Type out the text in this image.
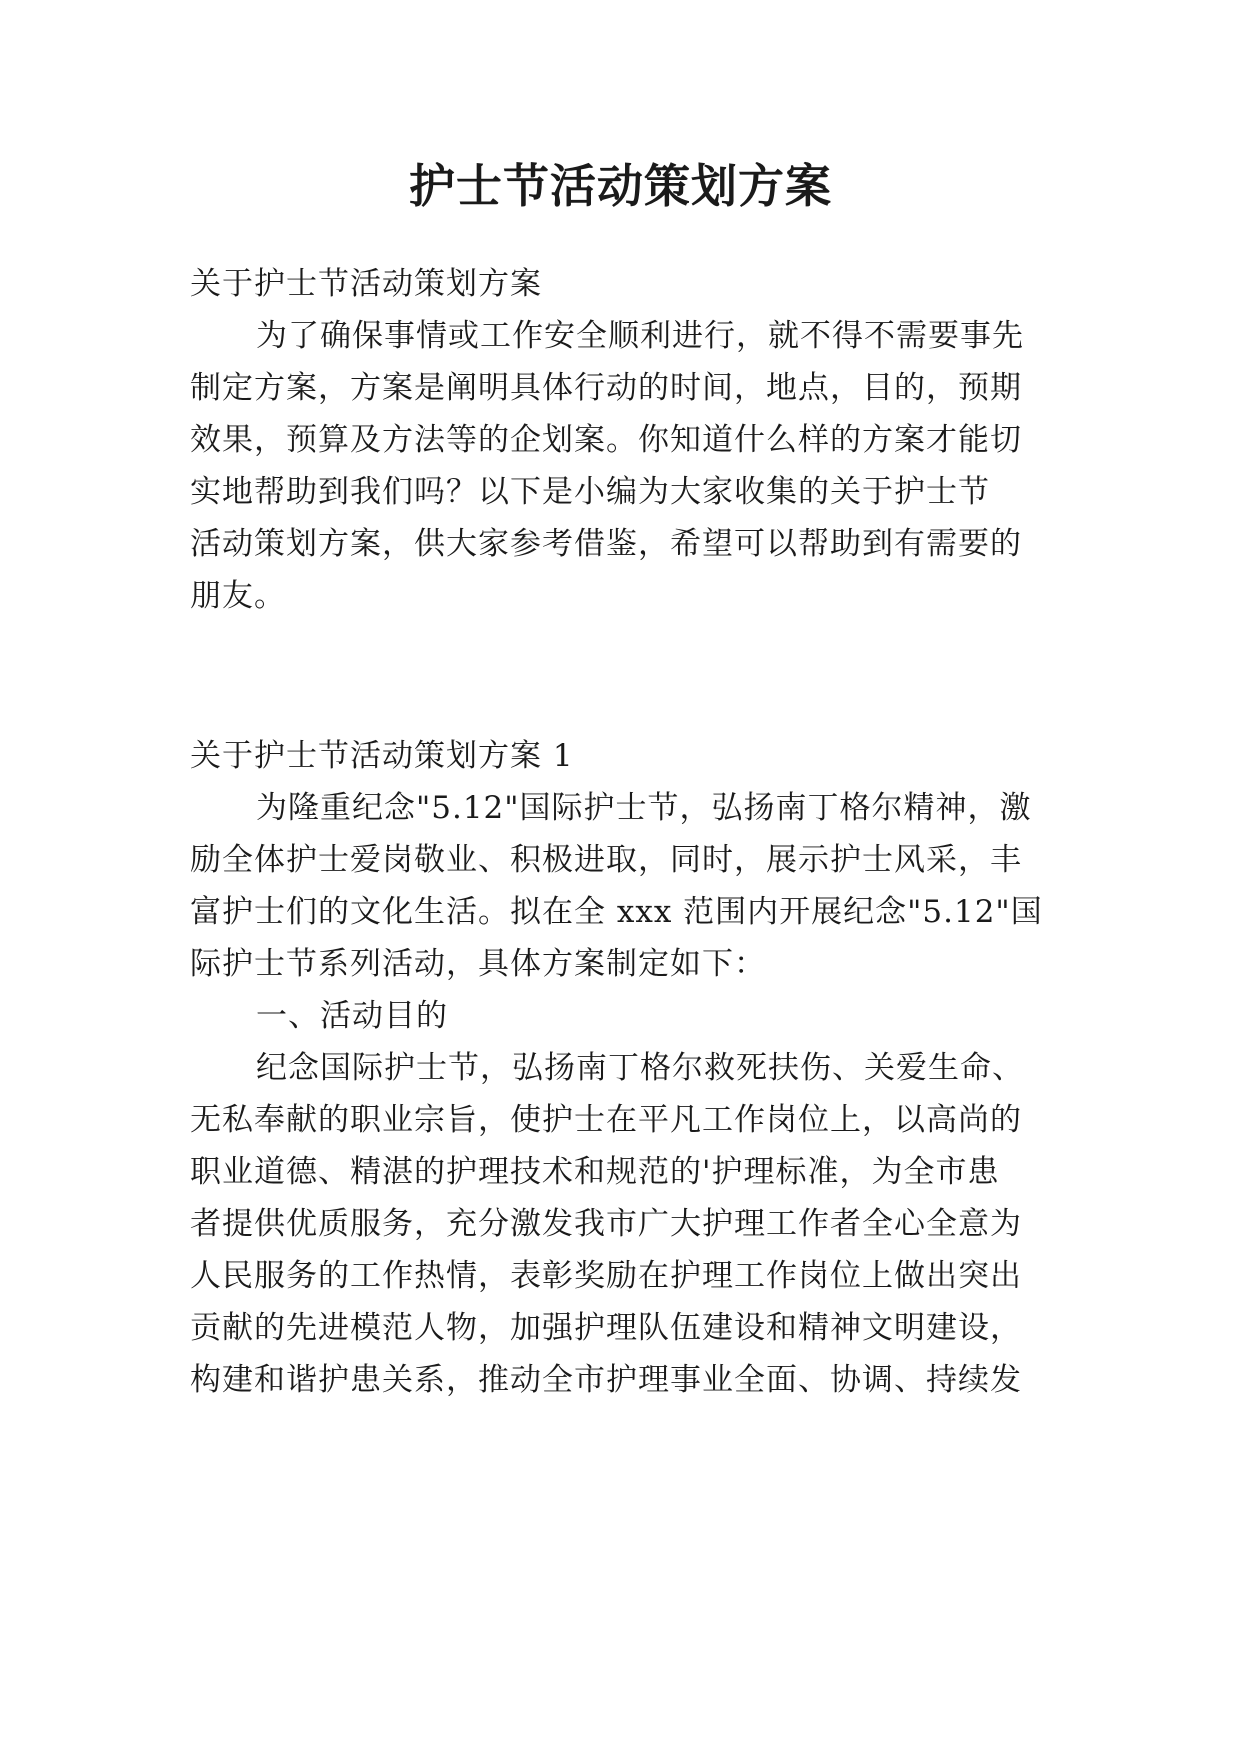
护士节活动策划方案
关于护士节活动策划方案
为了确保事情或工作安全顺利进行，就不得不需要事先
制定方案，方案是阐明具体行动的时间，地点，目的，预期
效果，预算及方法等的企划案。你知道什么样的方案才能切
实地帮助到我们吗？以下是小编为大家收集的关于护士节
活动策划方案，供大家参考借鉴，希望可以帮助到有需要的
朋友。
关于护士节活动策划方案 1
为隆重纪念"5.12"国际护士节，弘扬南丁格尔精神，激
励全体护士爱岗敬业、积极进取，同时，展示护士风采，丰
富护士们的文化生活。拟在全 xxx 范围内开展纪念"5.12"国
际护士节系列活动，具体方案制定如下：
一、活动目的
纪念国际护士节，弘扬南丁格尔救死扶伤、关爱生命、
无私奉献的职业宗旨，使护士在平凡工作岗位上，以高尚的
职业道德、精湛的护理技术和规范的'护理标准，为全市患
者提供优质服务，充分激发我市广大护理工作者全心全意为
人民服务的工作热情，表彰奖励在护理工作岗位上做出突出
贡献的先进模范人物，加强护理队伍建设和精神文明建设，
构建和谐护患关系，推动全市护理事业全面、协调、持续发
